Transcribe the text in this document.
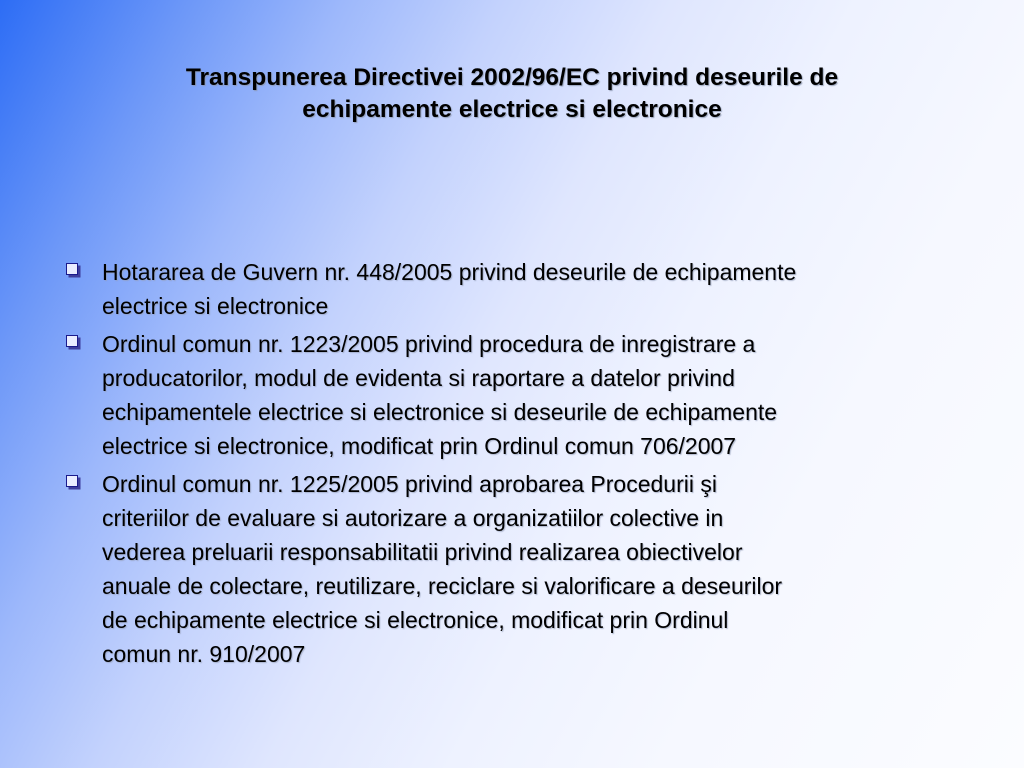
Transpunerea Directivei 2002/96/EC privind deseurile de
echipamente electrice si electronice
Hotararea de Guvern nr. 448/2005 privind deseurile de echipamente
electrice si electronice
Ordinul comun nr. 1223/2005 privind procedura de inregistrare a
producatorilor, modul de evidenta si raportare a datelor privind
echipamentele electrice si electronice si deseurile de echipamente
electrice si electronice, modificat prin Ordinul comun 706/2007
Ordinul comun nr. 1225/2005 privind aprobarea Procedurii şi
criteriilor de evaluare si autorizare a organizatiilor colective in
vederea preluarii responsabilitatii privind realizarea obiectivelor
anuale de colectare, reutilizare, reciclare si valorificare a deseurilor
de echipamente electrice si electronice, modificat prin Ordinul
comun nr. 910/2007
